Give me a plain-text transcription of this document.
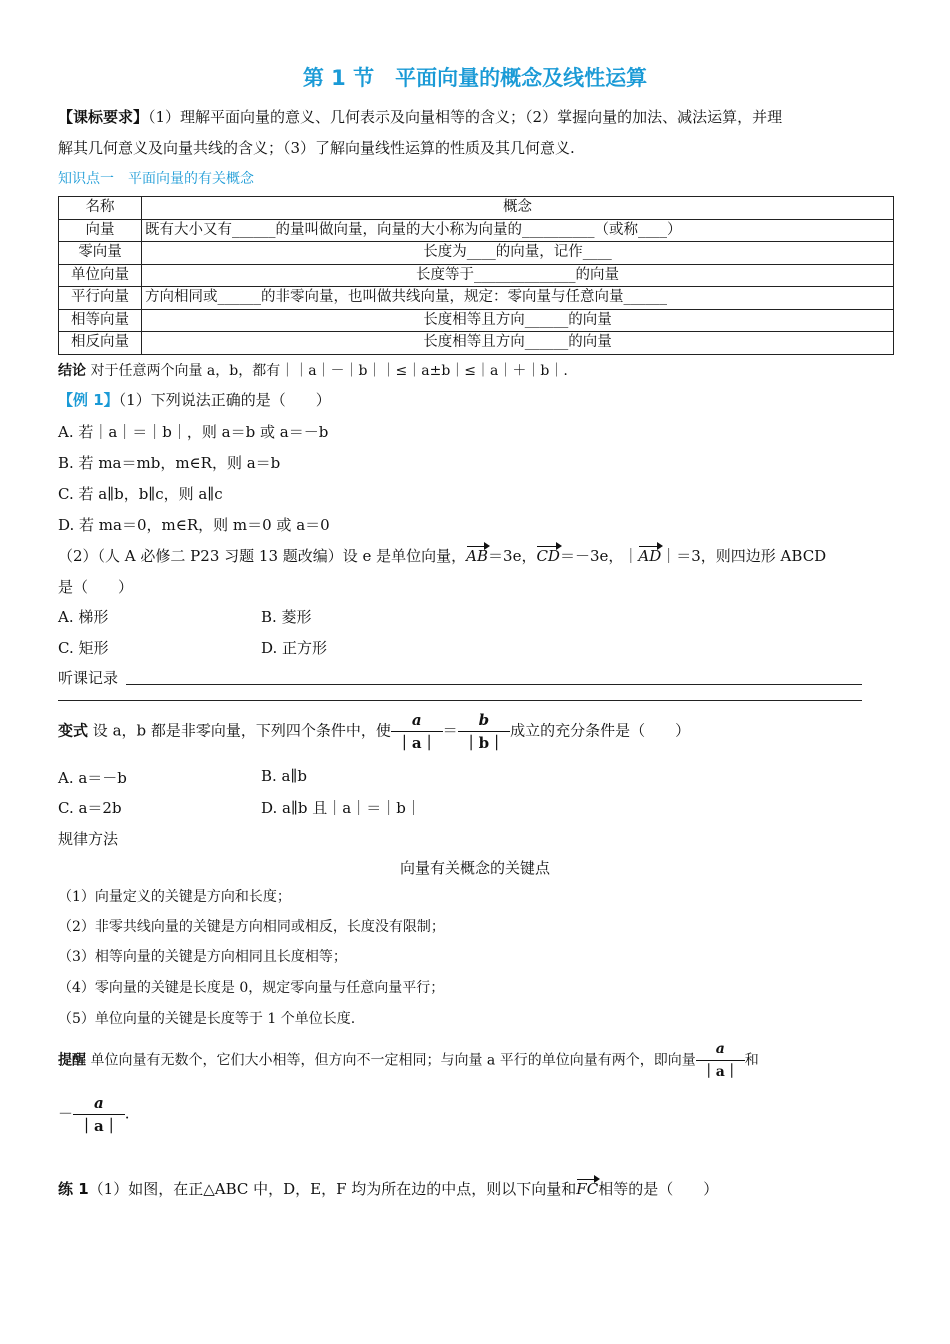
第 1 节　平面向量的概念及线性运算
【课标要求】（1）理解平面向量的意义、几何表示及向量相等的含义；（2）掌握向量的加法、减法运算，并理
解其几何意义及向量共线的含义；（3）了解向量线性运算的性质及其几何意义.
知识点一　平面向量的有关概念
名称	概念
向量	既有大小又有______的量叫做向量，向量的大小称为向量的__________（或称____）
零向量	长度为____的向量，记作____
单位向量	长度等于______________的向量
平行向量	方向相同或______的非零向量，也叫做共线向量，规定：零向量与任意向量______
相等向量	长度相等且方向______的向量
相反向量	长度相等且方向______的向量
结论 对于任意两个向量 a，b，都有｜｜a｜－｜b｜｜≤｜a±b｜≤｜a｜＋｜b｜.
【例 1】（1）下列说法正确的是（　　）
A. 若｜a｜＝｜b｜，则 a＝b 或 a＝－b
B. 若 ma＝mb，m∈R，则 a＝b
C. 若 a∥b，b∥c，则 a∥c
D. 若 ma＝0，m∈R，则 m＝0 或 a＝0
（2）（人 A 必修二 P23 习题 13 题改编）设 e 是单位向量，AB＝3e，CD＝－3e，｜AD｜＝3，则四边形 ABCD
是（　　）
A. 梯形	B. 菱形
C. 矩形	D. 正方形
听课记录
变式 设 a，b 都是非零向量，下列四个条件中，使 $\frac{a}{|a|} = \frac{b}{|b|}$ 成立的充分条件是（　　）
A. a＝－b	B. a∥b
C. a＝2b	D. a∥b 且｜a｜＝｜b｜
规律方法
向量有关概念的关键点
（1）向量定义的关键是方向和长度；
（2）非零共线向量的关键是方向相同或相反，长度没有限制；
（3）相等向量的关键是方向相同且长度相等；
（4）零向量的关键是长度是 0，规定零向量与任意向量平行；
（5）单位向量的关键是长度等于 1 个单位长度.
提醒 单位向量有无数个，它们大小相等，但方向不一定相同；与向量 a 平行的单位向量有两个，即向量 $\frac{a}{|a|}$ 和
－ $\frac{a}{|a|}$ .
练 1（1）如图，在正△ABC 中，D，E，F 均为所在边的中点，则以下向量和FC相等的是（　　）
